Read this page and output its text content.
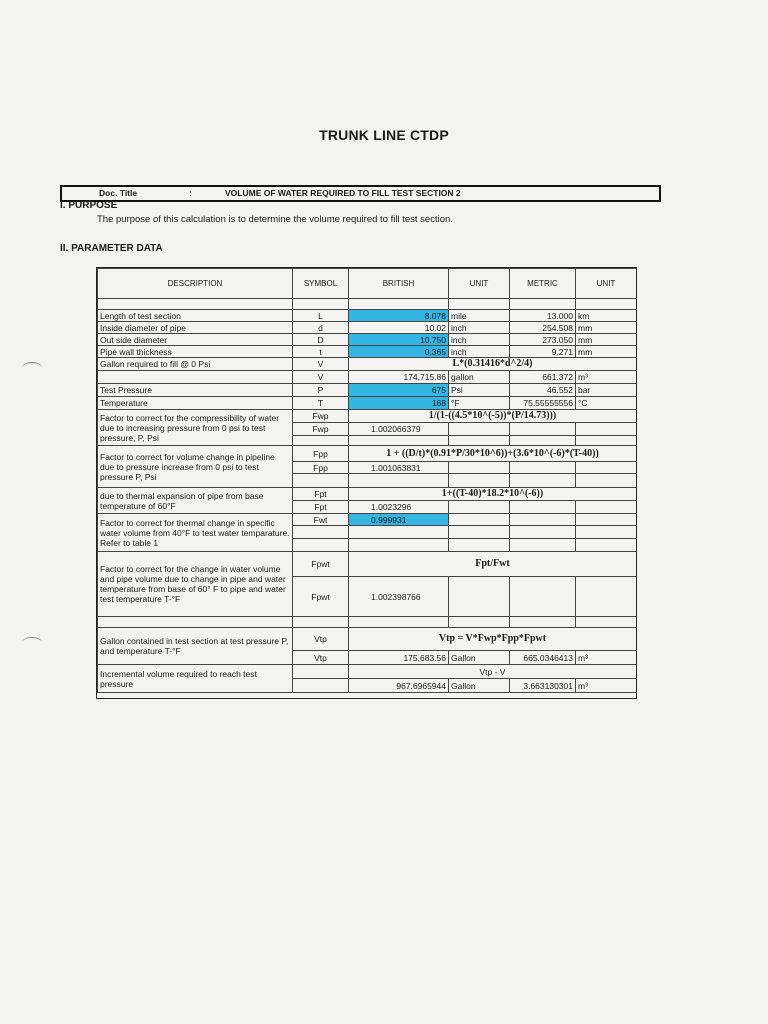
TRUNK LINE CTDP
Doc. Title	:	VOLUME OF WATER REQUIRED TO FILL TEST SECTION 2
I. PURPOSE
The purpose of this calculation is to determine the volume required to fill test section.
II. PARAMETER DATA
DESCRIPTION	SYMBOL	BRITISH	UNIT	METRIC	UNIT

Length of test section	L	8.078	mile	13.000	km
Inside diameter of pipe	d	10.02	inch	254.508	mm
Out side diameter	D	10.750	inch	273.050	mm
Pipe wall thickness	t	0.365	inch	9.271	mm
Gallon required to fill @ 0 Psi	V	L*(0.31416*d^2/4)			
	V	174,715.86	gallon	661.372	m³
Test Pressure	P	675	Psi	46.552	bar
Temperature	T	168	°F	75.55555556	°C
Factor to correct for the compressibility of water due to increasing pressure from 0 psi to test pressure, P, Psi	Fwp	1/(1-((4.5*10^(-5))*(P/14.73)))			
	Fwp	1.002066379			

Factor to correct for volume change in pipeline due to pressure increase from 0 psi to test pressure P, Psi	Fpp	1 + ((D/t)*(0.91*P/30*10^6))+(3.6*10^(-6)*(T-40))			
	Fpp	1.001063831			

due to thermal expansion of pipe from base temperature of 60°F	Fpt	1+((T-40)*18.2*10^(-6))			
	Fpt	1.0023296			
Factor to correct for thermal change in specific water volume from 40°F to test water temparature. Refer to table 1	Fwt	0.999931			

Factor to correct for the change in water volume and pipe volume due to change in pipe and water temperature from base of 60° F to pipe and water test temperature T-°F	Fpwt	Fpt/Fwt			
	Fpwt	1.002398766			

Gallon contained in test section at test pressure P, and temperature T-°F	Vtp	Vtp = V*Fwp*Fpp*Fpwt			
	Vtp	175,683.56	Gallon	665.0346413	m³
Incremental volume required to reach test pressure		Vtp - V			
		967.6965944	Gallon	3.663130301	m³
